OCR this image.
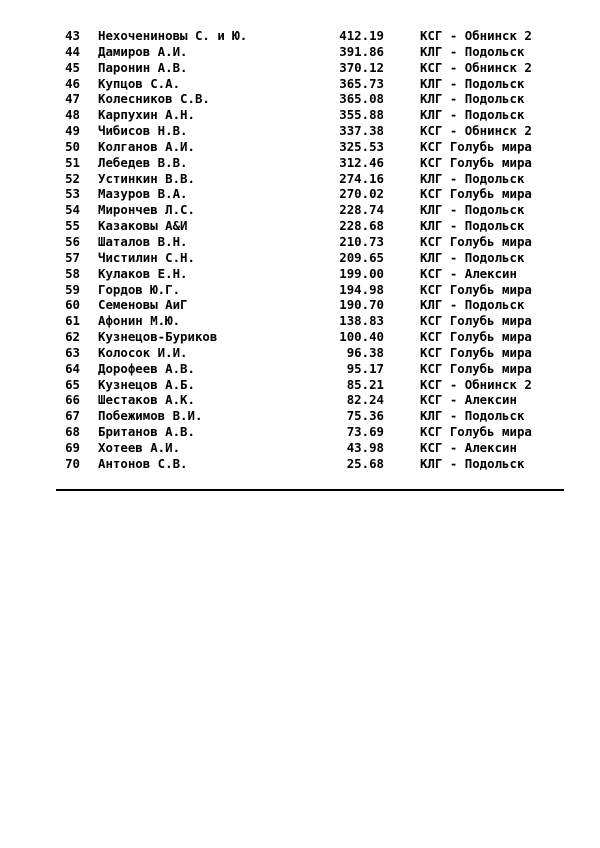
43 Нехочениновы С. и Ю.	412.19	КСГ - Обнинск 2
44 Дамиров А.И.	391.86	КЛГ - Подольск
45 Паронин А.В.	370.12	КСГ - Обнинск 2
46 Купцов С.А.	365.73	КЛГ - Подольск
47 Колесников С.В.	365.08	КЛГ - Подольск
48 Карпухин А.Н.	355.88	КЛГ - Подольск
49 Чибисов Н.В.	337.38	КСГ - Обнинск 2
50 Колганов А.И.	325.53	КСГ Голубь мира
51 Лебедев В.В.	312.46	КСГ Голубь мира
52 Устинкин В.В.	274.16	КЛГ - Подольск
53 Мазуров В.А.	270.02	КСГ Голубь мира
54 Мирончев Л.С.	228.74	КЛГ - Подольск
55 Казаковы А&И	228.68	КЛГ - Подольск
56 Шаталов В.Н.	210.73	КСГ Голубь мира
57 Чистилин С.Н.	209.65	КЛГ - Подольск
58 Кулаков Е.Н.	199.00	КСГ - Алексин
59 Гордов Ю.Г.	194.98	КСГ Голубь мира
60 Семеновы АиГ	190.70	КЛГ - Подольск
61 Афонин М.Ю.	138.83	КСГ Голубь мира
62 Кузнецов-Буриков	100.40	КСГ Голубь мира
63 Колосок И.И.	96.38	КСГ Голубь мира
64 Дорофеев А.В.	95.17	КСГ Голубь мира
65 Кузнецов А.Б.	85.21	КСГ - Обнинск 2
66 Шестаков А.К.	82.24	КСГ - Алексин
67 Побежимов В.И.	75.36	КЛГ - Подольск
68 Британов А.В.	73.69	КСГ Голубь мира
69 Хотеев А.И.	43.98	КСГ - Алексин
70 Антонов С.В.	25.68	КЛГ - Подольск
